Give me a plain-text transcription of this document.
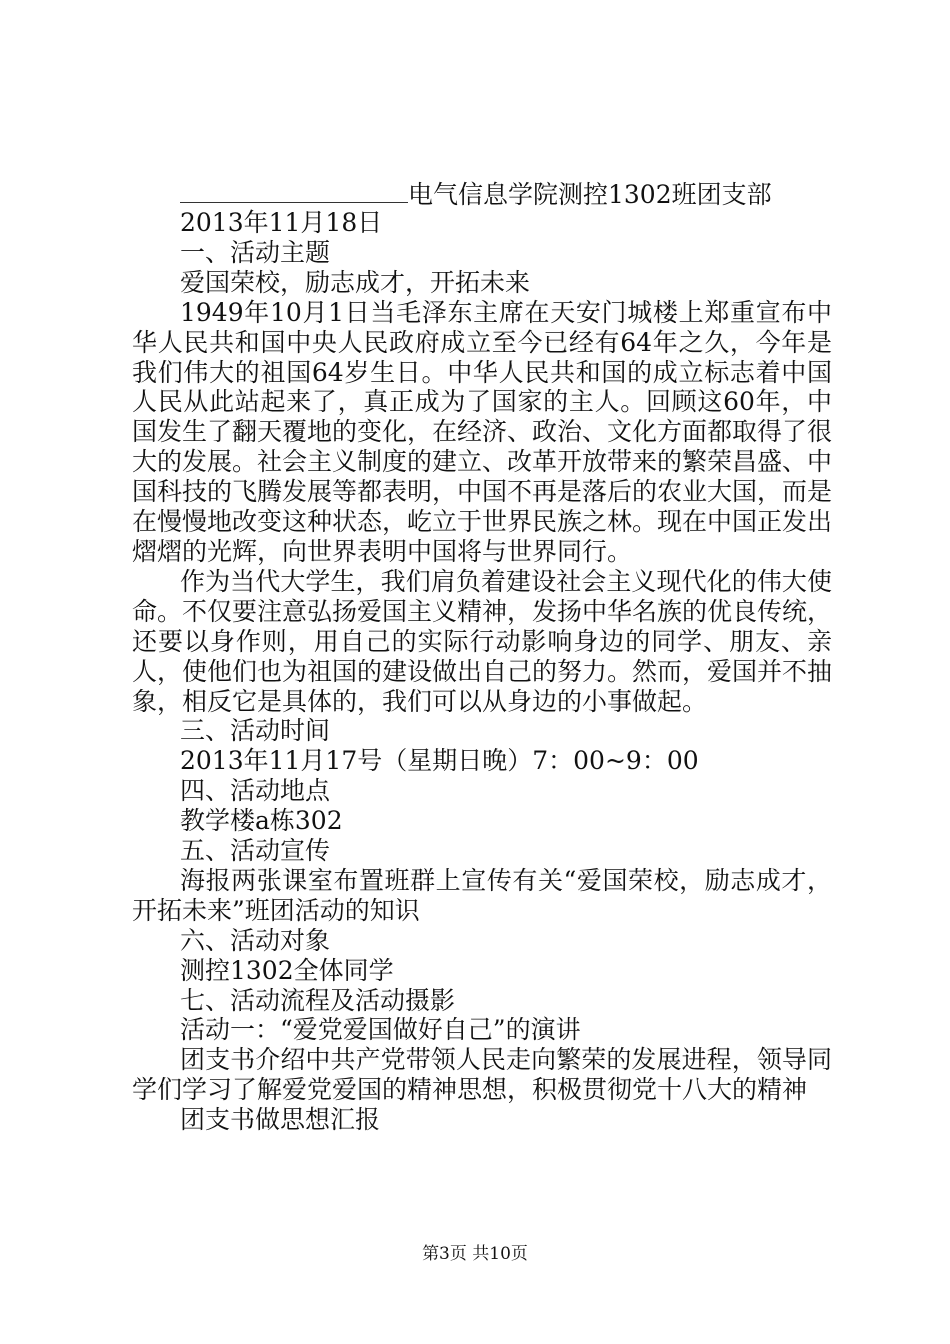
电气信息学院测控1302班团支部

2013年11月18日

一、活动主题

爱国荣校，励志成才，开拓未来

1949年10月1日当毛泽东主席在天安门城楼上郑重宣布中华人民共和国中央人民政府成立至今已经有64年之久，今年是我们伟大的祖国64岁生日。中华人民共和国的成立标志着中国人民从此站起来了，真正成为了国家的主人。回顾这60年，中国发生了翻天覆地的变化，在经济、政治、文化方面都取得了很大的发展。社会主义制度的建立、改革开放带来的繁荣昌盛、中国科技的飞腾发展等都表明，中国不再是落后的农业大国，而是在慢慢地改变这种状态，屹立于世界民族之林。现在中国正发出熠熠的光辉，向世界表明中国将与世界同行。

作为当代大学生，我们肩负着建设社会主义现代化的伟大使命。不仅要注意弘扬爱国主义精神，发扬中华名族的优良传统，还要以身作则，用自己的实际行动影响身边的同学、朋友、亲人，使他们也为祖国的建设做出自己的努力。然而，爱国并不抽象，相反它是具体的，我们可以从身边的小事做起。

三、活动时间

2013年11月17号（星期日晚）7：00~9：00

四、活动地点

教学楼a栋302

五、活动宣传

海报两张课室布置班群上宣传有关“爱国荣校，励志成才，开拓未来”班团活动的知识

六、活动对象

测控1302全体同学

七、活动流程及活动摄影

活动一：“爱党爱国做好自己”的演讲

团支书介绍中共产党带领人民走向繁荣的发展进程，领导同学们学习了解爱党爱国的精神思想，积极贯彻党十八大的精神

团支书做思想汇报

第3页 共10页
